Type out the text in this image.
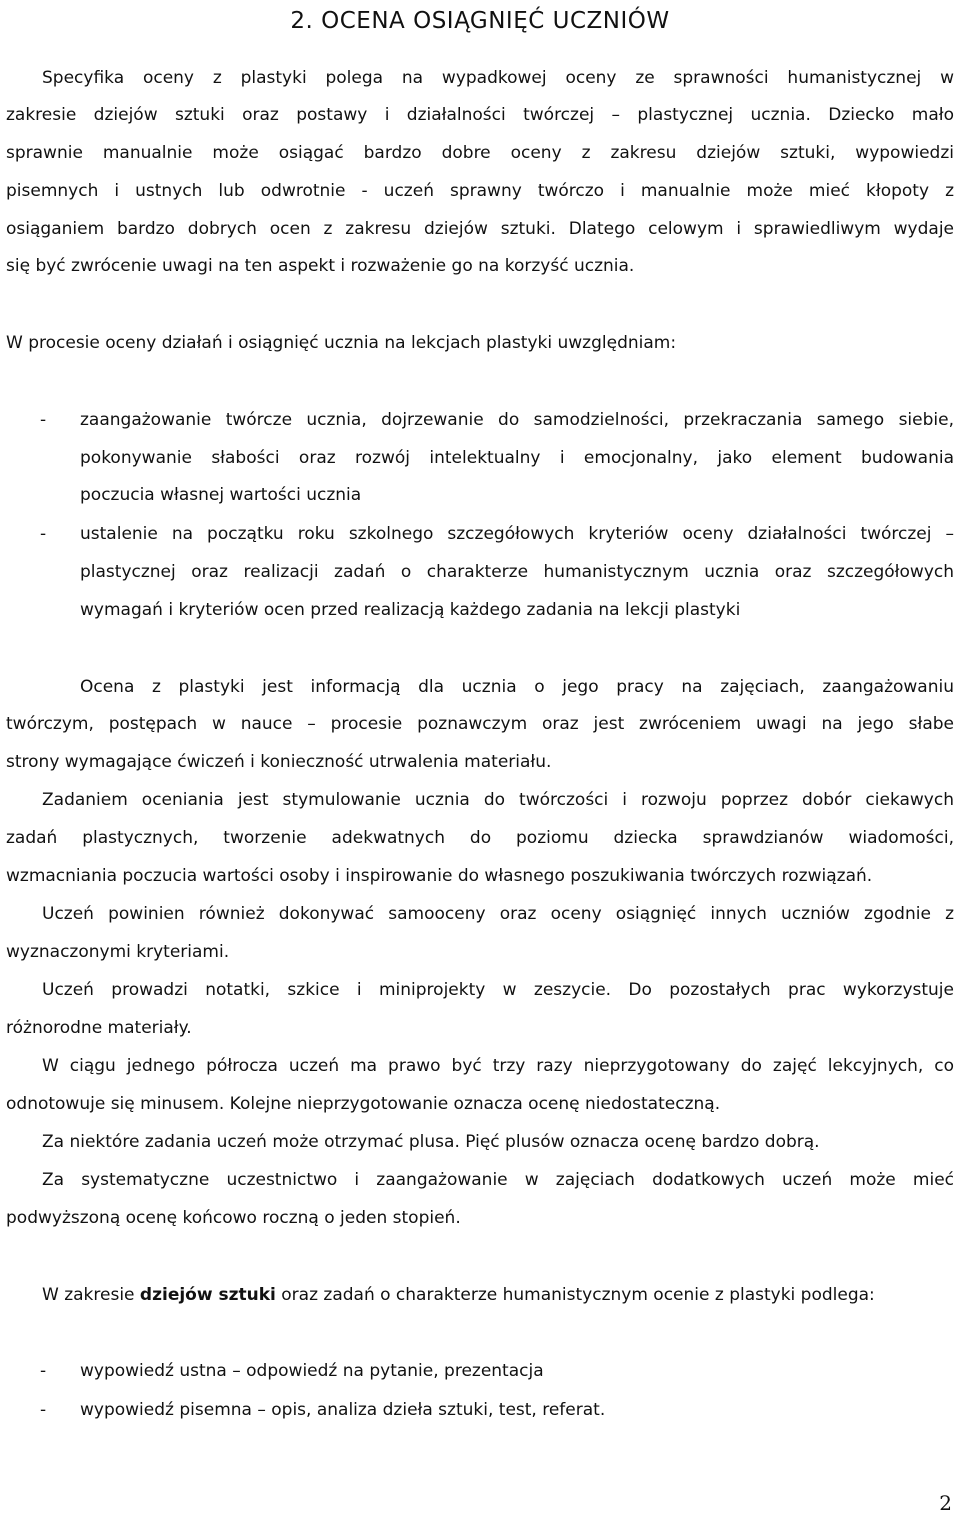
2. OCENA OSIĄGNIĘĆ UCZNIÓW
Specyfika oceny z plastyki polega na wypadkowej oceny ze sprawności humanistycznej w
zakresie dziejów sztuki oraz postawy i działalności twórczej – plastycznej ucznia. Dziecko mało
sprawnie manualnie może osiągać bardzo dobre oceny z zakresu dziejów sztuki, wypowiedzi
pisemnych i ustnych lub odwrotnie - uczeń sprawny twórczo i manualnie może mieć kłopoty z
osiąganiem bardzo dobrych ocen z zakresu dziejów sztuki. Dlatego celowym i sprawiedliwym wydaje
się być zwrócenie uwagi na ten aspekt i rozważenie go na korzyść ucznia.
W procesie oceny działań i osiągnięć ucznia na lekcjach plastyki uwzględniam:
-	zaangażowanie twórcze ucznia, dojrzewanie do samodzielności, przekraczania samego siebie,
pokonywanie słabości oraz rozwój intelektualny i emocjonalny, jako element budowania
poczucia własnej wartości ucznia
-	ustalenie na początku roku szkolnego szczegółowych kryteriów oceny działalności twórczej –
plastycznej oraz realizacji zadań o charakterze humanistycznym ucznia oraz szczegółowych
wymagań i kryteriów ocen przed realizacją każdego zadania na lekcji plastyki
Ocena z plastyki jest informacją dla ucznia o jego pracy na zajęciach, zaangażowaniu
twórczym, postępach w nauce – procesie poznawczym oraz jest zwróceniem uwagi na jego słabe
strony wymagające ćwiczeń i konieczność utrwalenia materiału.
Zadaniem oceniania jest stymulowanie ucznia do twórczości i rozwoju poprzez dobór ciekawych
zadań plastycznych, tworzenie adekwatnych do poziomu dziecka sprawdzianów wiadomości,
wzmacniania poczucia wartości osoby i inspirowanie do własnego poszukiwania twórczych rozwiązań.
Uczeń powinien również dokonywać samooceny oraz oceny osiągnięć innych uczniów zgodnie z
wyznaczonymi kryteriami.
Uczeń prowadzi notatki, szkice i miniprojekty w zeszycie. Do pozostałych prac wykorzystuje
różnorodne materiały.
W ciągu jednego półrocza uczeń ma prawo być trzy razy nieprzygotowany do zajęć lekcyjnych, co
odnotowuje się minusem. Kolejne nieprzygotowanie oznacza ocenę niedostateczną.
Za niektóre zadania uczeń może otrzymać plusa. Pięć plusów oznacza ocenę bardzo dobrą.
Za systematyczne uczestnictwo i zaangażowanie w zajęciach dodatkowych uczeń może mieć
podwyższoną ocenę końcowo roczną o jeden stopień.
W zakresie dziejów sztuki oraz zadań o charakterze humanistycznym ocenie z plastyki podlega:
-	wypowiedź ustna – odpowiedź na pytanie, prezentacja
-	wypowiedź pisemna – opis, analiza dzieła sztuki, test, referat.
2
